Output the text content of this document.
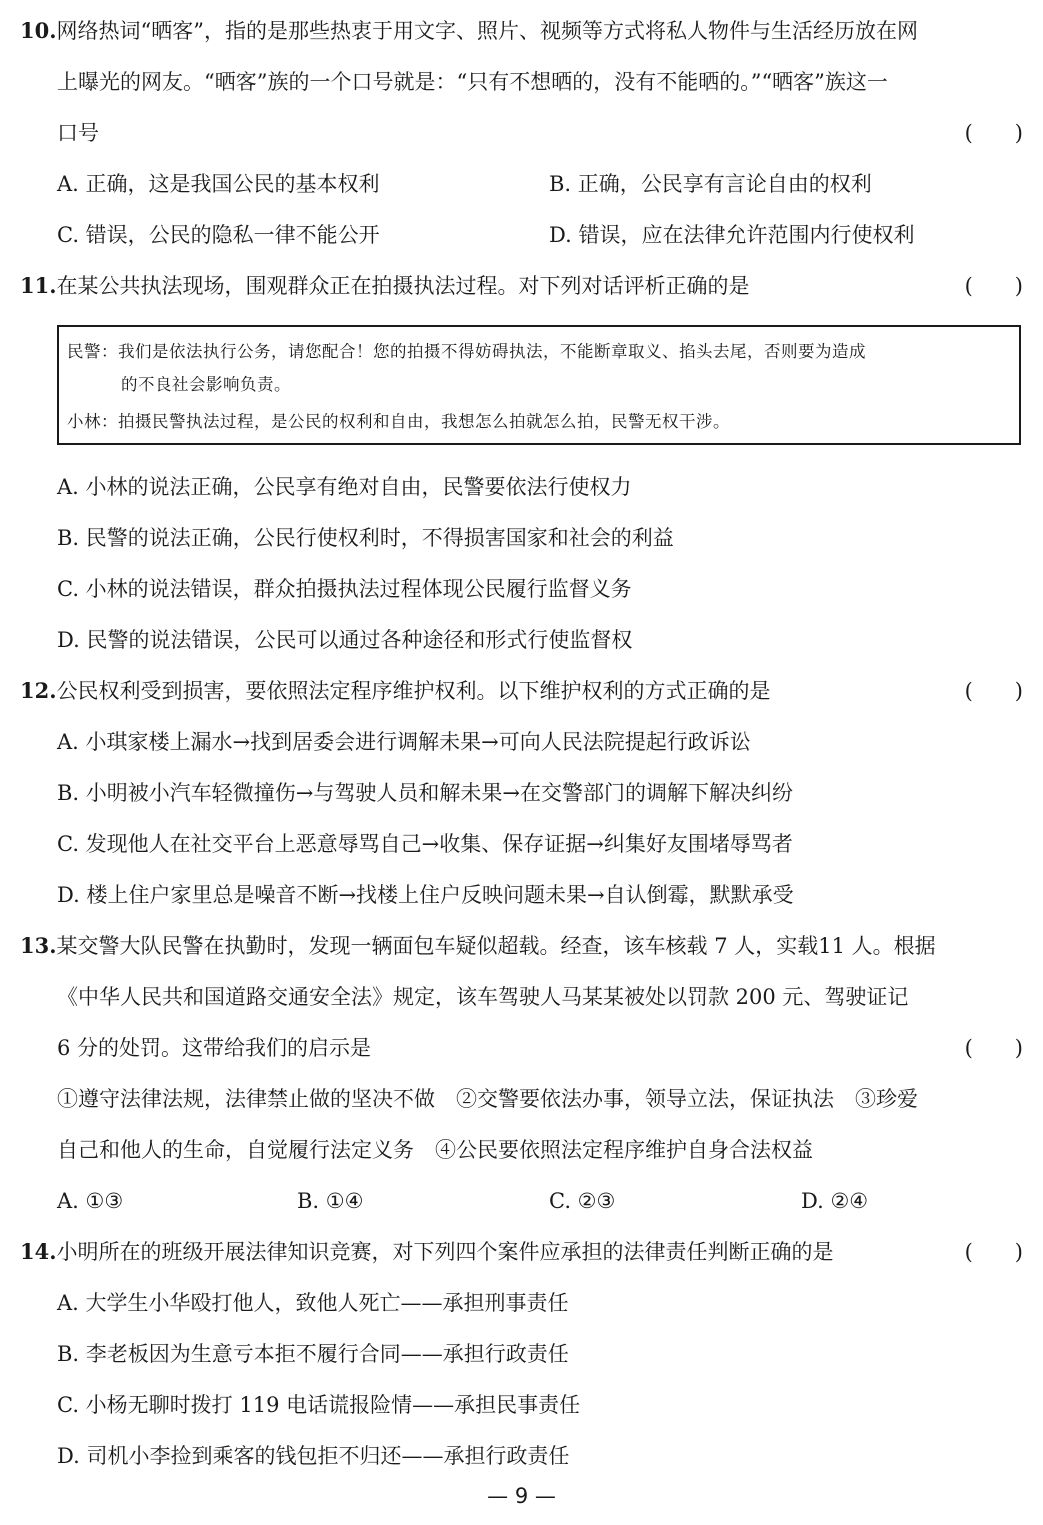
10.网络热词“晒客”，指的是那些热衷于用文字、照片、视频等方式将私人物件与生活经历放在网
上曝光的网友。“晒客”族的一个口号就是：“只有不想晒的，没有不能晒的。”“晒客”族这一
口号	(　　)
A. 正确，这是我国公民的基本权利	B. 正确，公民享有言论自由的权利
C. 错误，公民的隐私一律不能公开	D. 错误，应在法律允许范围内行使权利
11.在某公共执法现场，围观群众正在拍摄执法过程。对下列对话评析正确的是	(　　)
民警：我们是依法执行公务，请您配合！您的拍摄不得妨碍执法，不能断章取义、掐头去尾，否则要为造成
的不良社会影响负责。
小林：拍摄民警执法过程，是公民的权利和自由，我想怎么拍就怎么拍，民警无权干涉。
A. 小林的说法正确，公民享有绝对自由，民警要依法行使权力
B. 民警的说法正确，公民行使权利时，不得损害国家和社会的利益
C. 小林的说法错误，群众拍摄执法过程体现公民履行监督义务
D. 民警的说法错误，公民可以通过各种途径和形式行使监督权
12.公民权利受到损害，要依照法定程序维护权利。以下维护权利的方式正确的是	(　　)
A. 小琪家楼上漏水→找到居委会进行调解未果→可向人民法院提起行政诉讼
B. 小明被小汽车轻微撞伤→与驾驶人员和解未果→在交警部门的调解下解决纠纷
C. 发现他人在社交平台上恶意辱骂自己→收集、保存证据→纠集好友围堵辱骂者
D. 楼上住户家里总是噪音不断→找楼上住户反映问题未果→自认倒霉，默默承受
13.某交警大队民警在执勤时，发现一辆面包车疑似超载。经查，该车核载 7 人，实载11 人。根据
《中华人民共和国道路交通安全法》规定，该车驾驶人马某某被处以罚款 200 元、驾驶证记
6 分的处罚。这带给我们的启示是	(　　)
①遵守法律法规，法律禁止做的坚决不做　②交警要依法办事，领导立法，保证执法　③珍爱
自己和他人的生命，自觉履行法定义务　④公民要依照法定程序维护自身合法权益
A. ①③	B. ①④	C. ②③	D. ②④
14.小明所在的班级开展法律知识竞赛，对下列四个案件应承担的法律责任判断正确的是	(　　)
A. 大学生小华殴打他人，致他人死亡——承担刑事责任
B. 李老板因为生意亏本拒不履行合同——承担行政责任
C. 小杨无聊时拨打 119 电话谎报险情——承担民事责任
D. 司机小李捡到乘客的钱包拒不归还——承担行政责任
— 9 —
